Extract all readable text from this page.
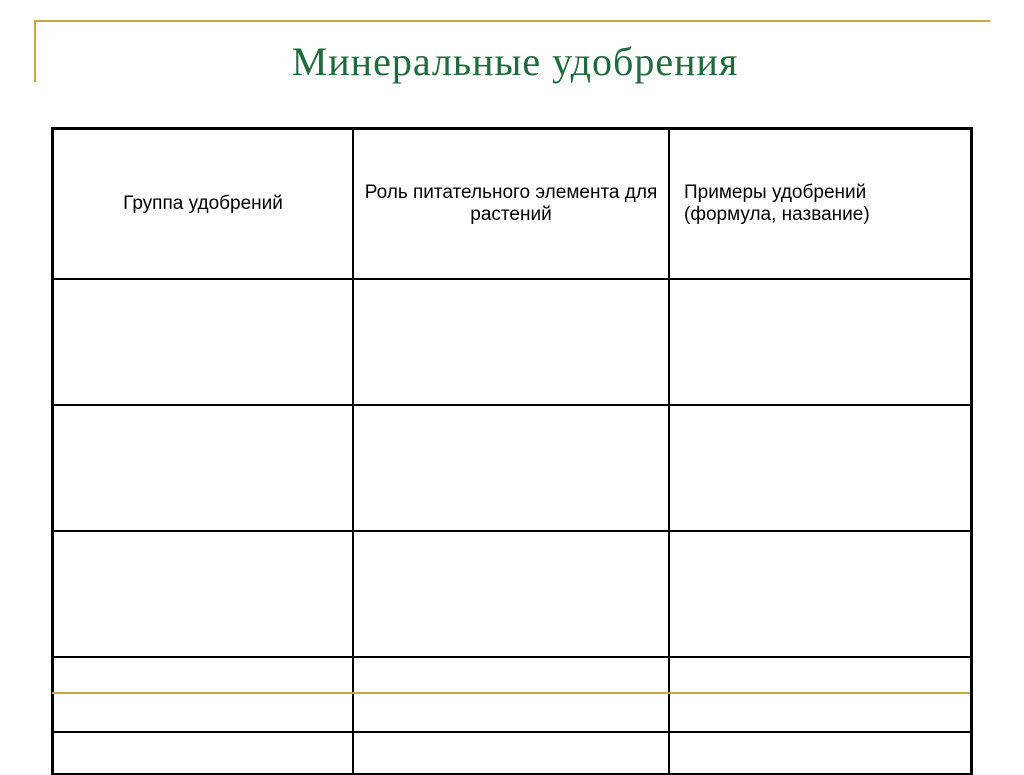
Минеральные удобрения
Группа удобрений	Роль питательного элемента для растений	Примеры удобрений (формула, название)
